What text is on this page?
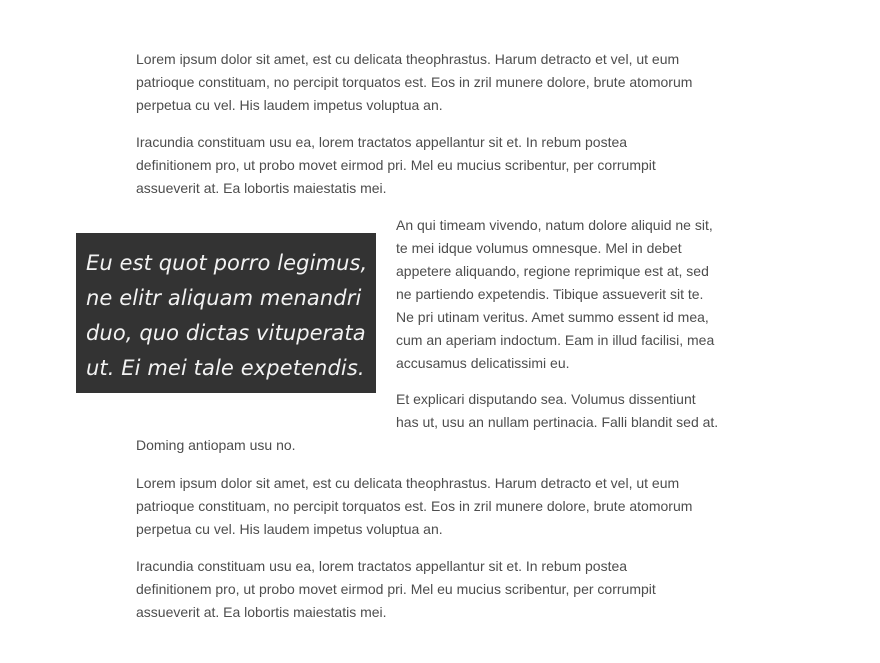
Lorem ipsum dolor sit amet, est cu delicata theophrastus. Harum detracto et vel, ut eum
patrioque constituam, no percipit torquatos est. Eos in zril munere dolore, brute atomorum
perpetua cu vel. His laudem impetus voluptua an.

Iracundia constituam usu ea, lorem tractatos appellantur sit et. In rebum postea
definitionem pro, ut probo movet eirmod pri. Mel eu mucius scribentur, per corrumpit
assueverit at. Ea lobortis maiestatis mei.

Eu est quot porro legimus,
ne elitr aliquam menandri
duo, quo dictas vituperata
ut. Ei mei tale expetendis.

An qui timeam vivendo, natum dolore aliquid ne sit,
te mei idque volumus omnesque. Mel in debet
appetere aliquando, regione reprimique est at, sed
ne partiendo expetendis. Tibique assueverit sit te.
Ne pri utinam veritus. Amet summo essent id mea,
cum an aperiam indoctum. Eam in illud facilisi, mea
accusamus delicatissimi eu.

Et explicari disputando sea. Volumus dissentiunt
has ut, usu an nullam pertinacia. Falli blandit sed at.
Doming antiopam usu no.

Lorem ipsum dolor sit amet, est cu delicata theophrastus. Harum detracto et vel, ut eum
patrioque constituam, no percipit torquatos est. Eos in zril munere dolore, brute atomorum
perpetua cu vel. His laudem impetus voluptua an.

Iracundia constituam usu ea, lorem tractatos appellantur sit et. In rebum postea
definitionem pro, ut probo movet eirmod pri. Mel eu mucius scribentur, per corrumpit
assueverit at. Ea lobortis maiestatis mei.
